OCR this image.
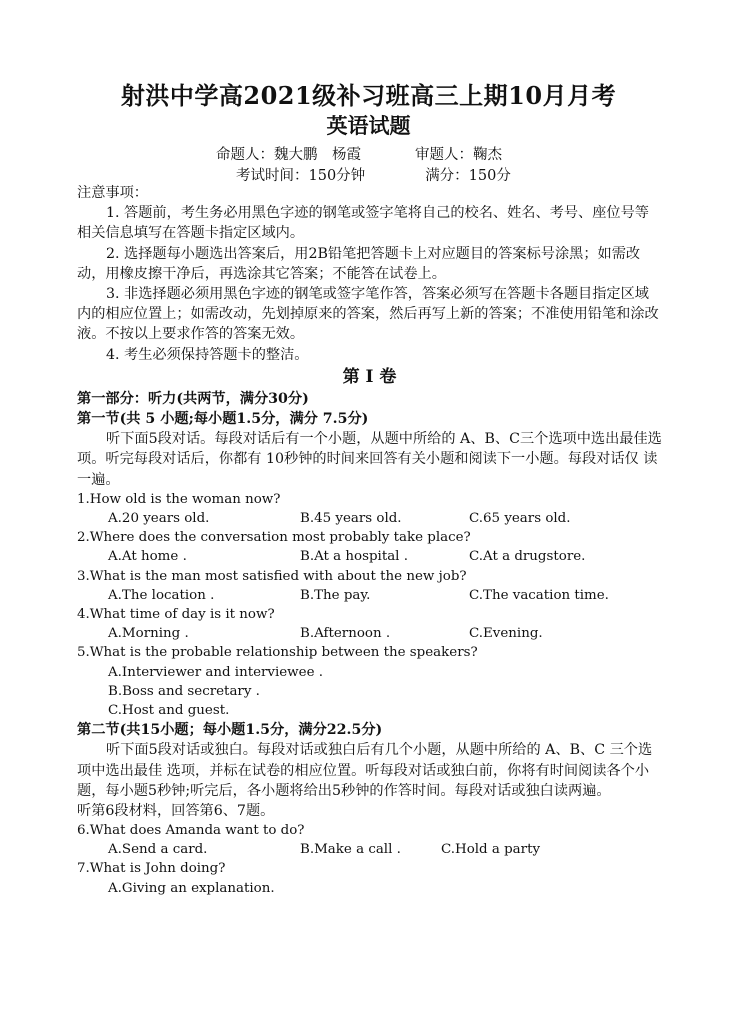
射洪中学高2021级补习班高三上期10月月考
英语试题
命题人：魏大鹏　杨霞	审题人：鞠杰
考试时间：150分钟	满分：150分

注意事项：

1. 答题前，考生务必用黑色字迹的钢笔或签字笔将自己的校名、姓名、考号、座位号等相关信息填写在答题卡指定区域内。

2. 选择题每小题选出答案后，用2B铅笔把答题卡上对应题目的答案标号涂黑；如需改动，用橡皮擦干净后，再选涂其它答案；不能答在试卷上。

3. 非选择题必须用黑色字迹的钢笔或签字笔作答，答案必须写在答题卡各题目指定区域内的相应位置上；如需改动，先划掉原来的答案，然后再写上新的答案；不准使用铅笔和涂改液。不按以上要求作答的答案无效。

4. 考生必须保持答题卡的整洁。

第 I 卷

第一部分：听力(共两节，满分30分)

第一节(共 5 小题;每小题1.5分，满分 7.5分)

听下面5段对话。每段对话后有一个小题，从题中所给的 A、B、C三个选项中选出最佳选项。听完每段对话后，你都有 10秒钟的时间来回答有关小题和阅读下一小题。每段对话仅 读一遍。

1.How old is the woman now?
A.20 years old.	B.45 years old.	C.65 years old.
2.Where does the conversation most probably take place?
A.At home .	B.At a hospital .	C.At a drugstore.
3.What is the man most satisfied with about the new job?
A.The location .	B.The pay.	C.The vacation time.
4.What time of day is it now?
A.Morning .	B.Afternoon .	C.Evening.
5.What is the probable relationship between the speakers?
A.Interviewer and interviewee .
B.Boss and secretary .
C.Host and guest.

第二节(共15小题；每小题1.5分，满分22.5分)

听下面5段对话或独白。每段对话或独白后有几个小题，从题中所给的 A、B、C 三个选项中选出最佳 选项，并标在试卷的相应位置。听每段对话或独白前，你将有时间阅读各个小题，每小题5秒钟;听完后，各小题将给出5秒钟的作答时间。每段对话或独白读两遍。

听第6段材料，回答第6、7题。

6.What does Amanda want to do?
A.Send a card.	B.Make a call .	C.Hold a party
7.What is John doing?
A.Giving an explanation.
